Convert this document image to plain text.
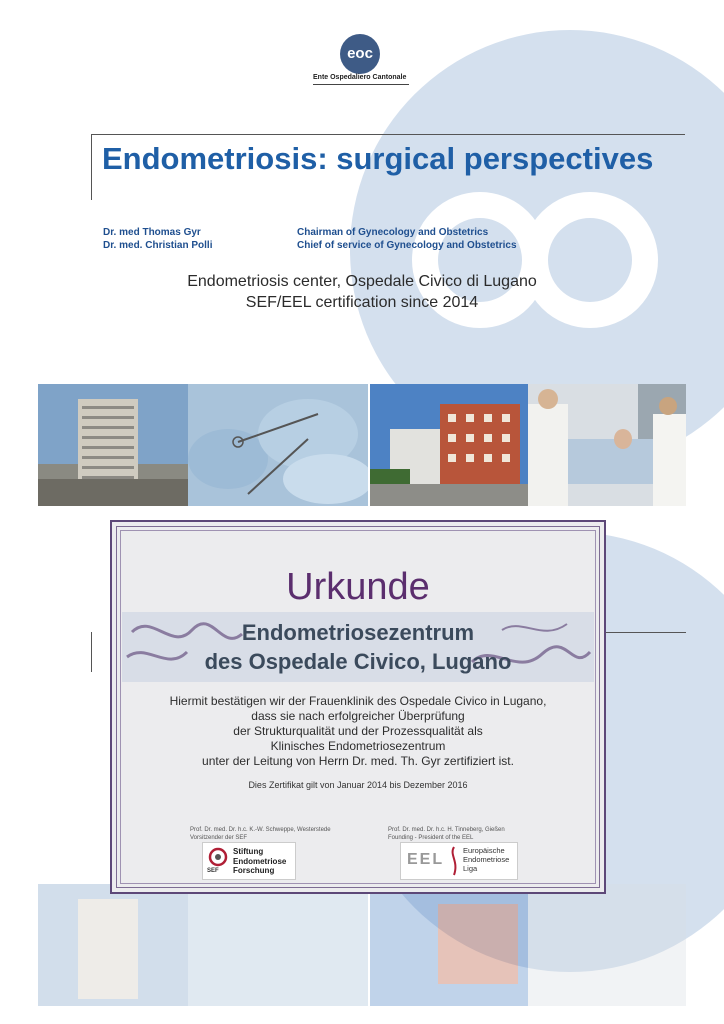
eoc
Ente Ospedaliero Cantonale
Endometriosis: surgical perspectives
Dr. med Thomas Gyr	Chairman of Gynecology and Obstetrics
Dr. med. Christian Polli	Chief of service of Gynecology and Obstetrics
Endometriosis center, Ospedale Civico di Lugano
SEF/EEL certification since 2014
Urkunde
Endometriosezentrum
des Ospedale Civico, Lugano
Hiermit bestätigen wir der Frauenklinik des Ospedale Civico in Lugano,
dass sie nach erfolgreicher Überprüfung
der Strukturqualität und der Prozessqualität als
Klinisches Endometriosezentrum
unter der Leitung von Herrn Dr. med. Th. Gyr zertifiziert ist.
Dies Zertifikat gilt von Januar 2014 bis Dezember 2016
Prof. Dr. med. Dr. h.c. K.-W. Schweppe, Westerstede
Vorsitzender der SEF
Prof. Dr. med. Dr. h.c. H. Tinneberg, Gießen
Founding - President of the EEL
SEF
Stiftung
Endometriose
Forschung
EEL
Europäische
Endometriose
Liga
